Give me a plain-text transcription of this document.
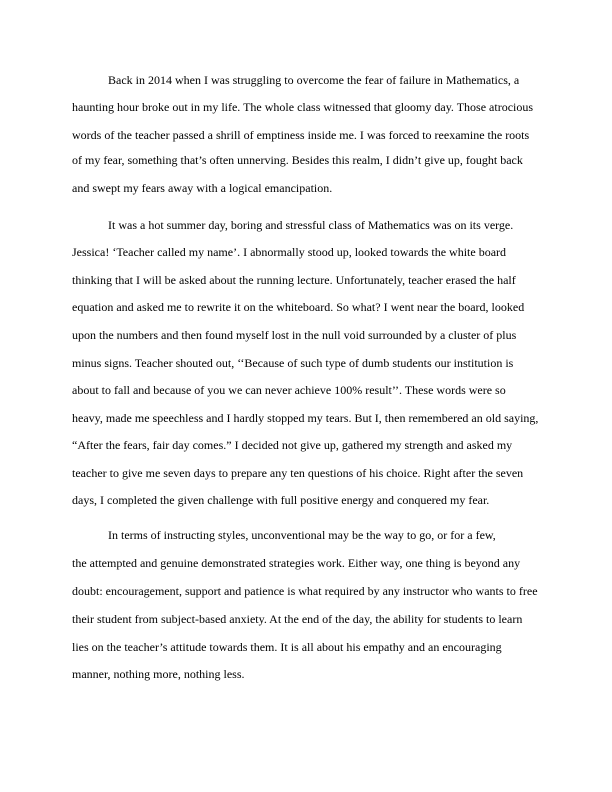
Back in 2014 when I was struggling to overcome the fear of failure in Mathematics, a
haunting hour broke out in my life. The whole class witnessed that gloomy day. Those atrocious
words of the teacher passed a shrill of emptiness inside me. I was forced to reexamine the roots
of my fear, something that’s often unnerving. Besides this realm, I didn’t give up, fought back
and swept my fears away with a logical emancipation.
It was a hot summer day, boring and stressful class of Mathematics was on its verge.
Jessica! ‘Teacher called my name’. I abnormally stood up, looked towards the white board
thinking that I will be asked about the running lecture. Unfortunately, teacher erased the half
equation and asked me to rewrite it on the whiteboard. So what? I went near the board, looked
upon the numbers and then found myself lost in the null void surrounded by a cluster of plus
minus signs. Teacher shouted out, ‘‘Because of such type of dumb students our institution is
about to fall and because of you we can never achieve 100% result’’. These words were so
heavy, made me speechless and I hardly stopped my tears. But I, then remembered an old saying,
“After the fears, fair day comes.” I decided not give up, gathered my strength and asked my
teacher to give me seven days to prepare any ten questions of his choice. Right after the seven
days, I completed the given challenge with full positive energy and conquered my fear.
In terms of instructing styles, unconventional may be the way to go, or for a few,
the attempted and genuine demonstrated strategies work. Either way, one thing is beyond any
doubt: encouragement, support and patience is what required by any instructor who wants to free
their student from subject-based anxiety. At the end of the day, the ability for students to learn
lies on the teacher’s attitude towards them. It is all about his empathy and an encouraging
manner, nothing more, nothing less.
